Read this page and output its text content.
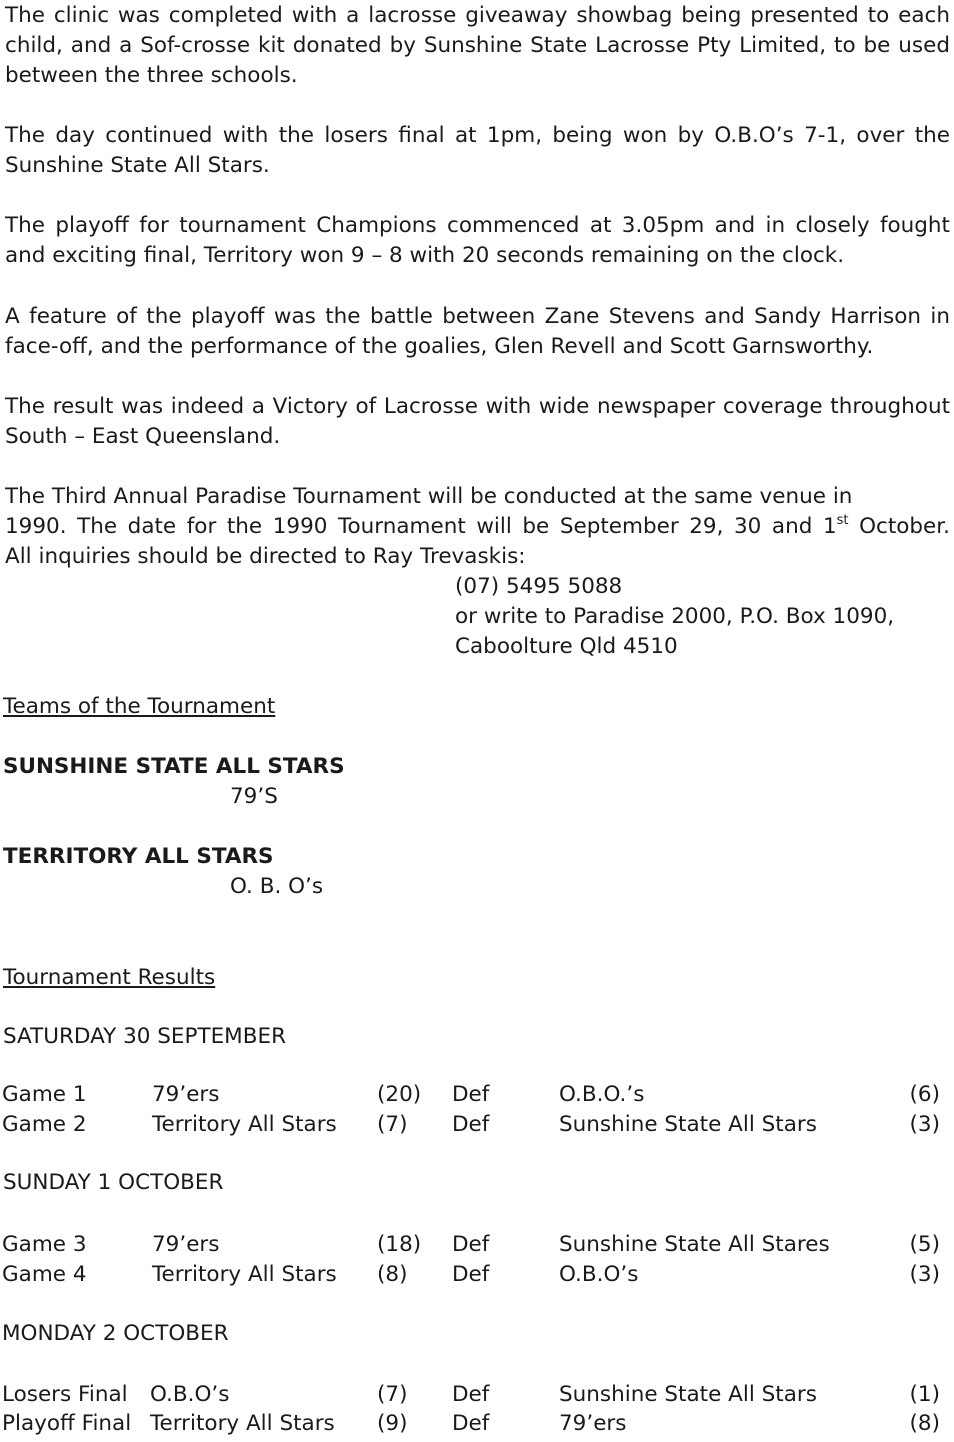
The clinic was completed with a lacrosse giveaway showbag being presented to each child, and a Sof-crosse kit donated by Sunshine State Lacrosse Pty Limited, to be used between the three schools.

The day continued with the losers final at 1pm, being won by O.B.O’s 7-1, over the Sunshine State All Stars.

The playoff for tournament Champions commenced at 3.05pm and in closely fought and exciting final, Territory won 9 – 8 with 20 seconds remaining on the clock.

A feature of the playoff was the battle between Zane Stevens and Sandy Harrison in face-off, and the performance of the goalies, Glen Revell and Scott Garnsworthy.

The result was indeed a Victory of Lacrosse with wide newspaper coverage throughout South – East Queensland.

The Third Annual Paradise Tournament will be conducted at the same venue in

1990. The date for the 1990 Tournament will be September 29, 30 and 1st October.
All inquiries should be directed to Ray Trevaskis:
(07) 5495 5088
or write to Paradise 2000, P.O. Box 1090,
Caboolture Qld 4510
Teams of the Tournament
SUNSHINE STATE ALL STARS
79’S
TERRITORY ALL STARS
O. B. O’s
Tournament Results
SATURDAY 30 SEPTEMBER
Game 1	79’ers	(20) Def	O.B.O.’s	(6)
Game 2	Territory All Stars (7) Def	Sunshine State All Stars	(3)
SUNDAY 1 OCTOBER
Game 3	79’ers	(18) Def	Sunshine State All Stares	(5)
Game 4	Territory All Stars (8) Def	O.B.O’s	(3)
MONDAY 2 OCTOBER
Losers Final O.B.O’s	(7) Def	Sunshine State All Stars	(1)
Playoff Final Territory All Stars (9) Def	79’ers	(8)
